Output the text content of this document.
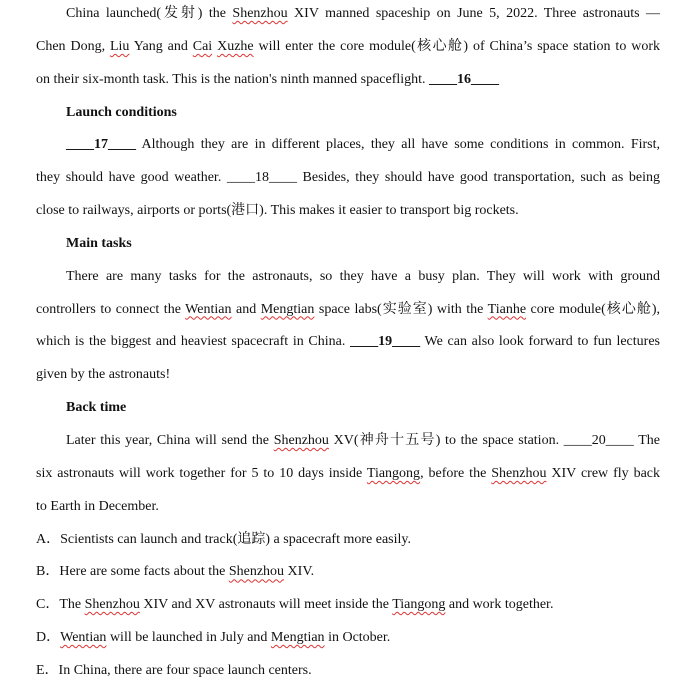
China launched(发射) the Shenzhou XIV manned spaceship on June 5, 2022. Three astronauts —
Chen Dong, Liu Yang and Cai Xuzhe will enter the core module(核心舱) of China’s space station to work
on their six-month task. This is the nation's ninth manned spaceflight. ____16____
Launch conditions
____17____ Although they are in different places, they all have some conditions in common. First,
they should have good weather. ____18____ Besides, they should have good transportation, such as being
close to railways, airports or ports(港口). This makes it easier to transport big rockets.
Main tasks
There are many tasks for the astronauts, so they have a busy plan. They will work with ground
controllers to connect the Wentian and Mengtian space labs(实验室) with the Tianhe core module(核心舱),
which is the biggest and heaviest spacecraft in China. ____19____ We can also look forward to fun lectures
given by the astronauts!
Back time
Later this year, China will send the Shenzhou XV(神舟十五号) to the space station. ____20____ The
six astronauts will work together for 5 to 10 days inside Tiangong, before the Shenzhou XIV crew fly back
to Earth in December.
A．Scientists can launch and track(追踪) a spacecraft more easily.
B．Here are some facts about the Shenzhou XIV.
C．The Shenzhou XIV and XV astronauts will meet inside the Tiangong and work together.
D．Wentian will be launched in July and Mengtian in October.
E．In China, there are four space launch centers.
